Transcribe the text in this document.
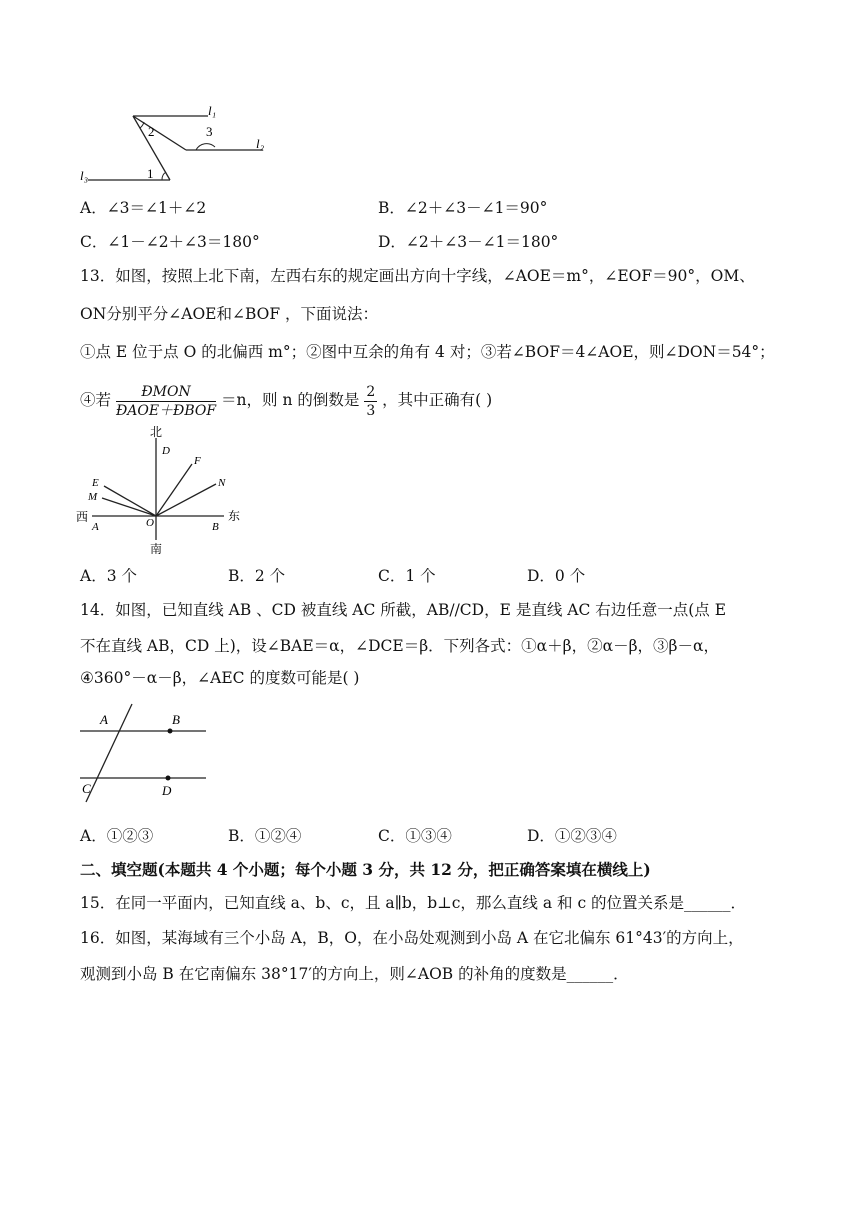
l₁
l₂
l₃	1
2	3
A．∠3＝∠1＋∠2	B．∠2＋∠3－∠1＝90°
C．∠1－∠2＋∠3＝180°	D．∠2＋∠3－∠1＝180°
13．如图，按照上北下南，左西右东的规定画出方向十字线，∠AOE＝m°，∠EOF＝90°，OM、
ON分别平分∠AOE和∠BOF ，下面说法：
①点 E 位于点 O 的北偏西 m°；②图中互余的角有 4 对；③若∠BOF＝4∠AOE，则∠DON＝54°；
④若 $\frac{\text{ĐMON}}{\text{ĐAOE＋ĐBOF}} =n$，则 n 的倒数是 $\frac{2}{3}$ ，其中正确有( )
北
南
西	东
D
F
N
E
M
A	O	B
A．3 个	B．2 个	C．1 个	D．0 个
14．如图，已知直线 AB 、CD 被直线 AC 所截，AB//CD，E 是直线 AC 右边任意一点(点 E
不在直线 AB，CD 上)，设∠BAE＝α，∠DCE＝β．下列各式：①α＋β，②α－β，③β－α，
④360°－α－β，∠AEC 的度数可能是( )
A	B
C	D
A．①②③	B．①②④	C．①③④	D．①②③④
二、填空题(本题共 4 个小题；每个小题 3 分，共 12 分，把正确答案填在横线上)
15．在同一平面内，已知直线 a、b、c，且 a∥b，b⊥c，那么直线 a 和 c 的位置关系是______．
16．如图，某海域有三个小岛 A，B，O，在小岛处观测到小岛 A 在它北偏东 61°43′的方向上，
观测到小岛 B 在它南偏东 38°17′的方向上，则∠AOB 的补角的度数是______．
